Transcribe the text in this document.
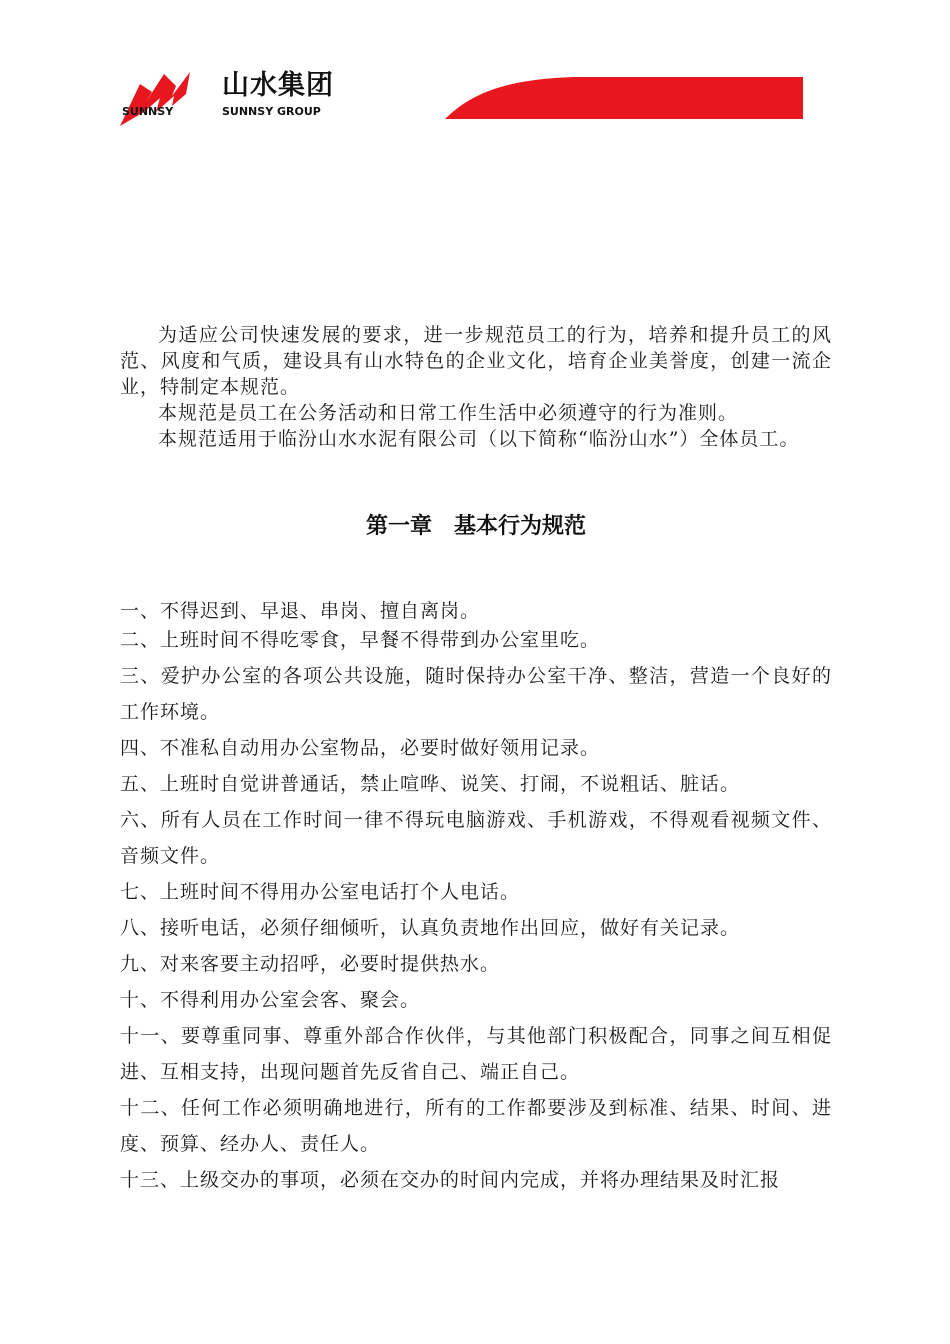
山水集团
SUNNSY	SUNNSY GROUP

为适应公司快速发展的要求，进一步规范员工的行为，培养和提升员工的风范、风度和气质，建设具有山水特色的企业文化，培育企业美誉度，创建一流企业，特制定本规范。

本规范是员工在公务活动和日常工作生活中必须遵守的行为准则。

本规范适用于临汾山水水泥有限公司（以下简称“临汾山水”）全体员工。

第一章　基本行为规范

一、不得迟到、早退、串岗、擅自离岗。

二、上班时间不得吃零食，早餐不得带到办公室里吃。

三、爱护办公室的各项公共设施，随时保持办公室干净、整洁，营造一个良好的工作环境。

四、不准私自动用办公室物品，必要时做好领用记录。

五、上班时自觉讲普通话，禁止喧哗、说笑、打闹，不说粗话、脏话。

六、所有人员在工作时间一律不得玩电脑游戏、手机游戏，不得观看视频文件、音频文件。

七、上班时间不得用办公室电话打个人电话。

八、接听电话，必须仔细倾听，认真负责地作出回应，做好有关记录。

九、对来客要主动招呼，必要时提供热水。

十、不得利用办公室会客、聚会。

十一、要尊重同事、尊重外部合作伙伴，与其他部门积极配合，同事之间互相促进、互相支持，出现问题首先反省自己、端正自己。

十二、任何工作必须明确地进行，所有的工作都要涉及到标准、结果、时间、进度、预算、经办人、责任人。

十三、上级交办的事项，必须在交办的时间内完成，并将办理结果及时汇报
